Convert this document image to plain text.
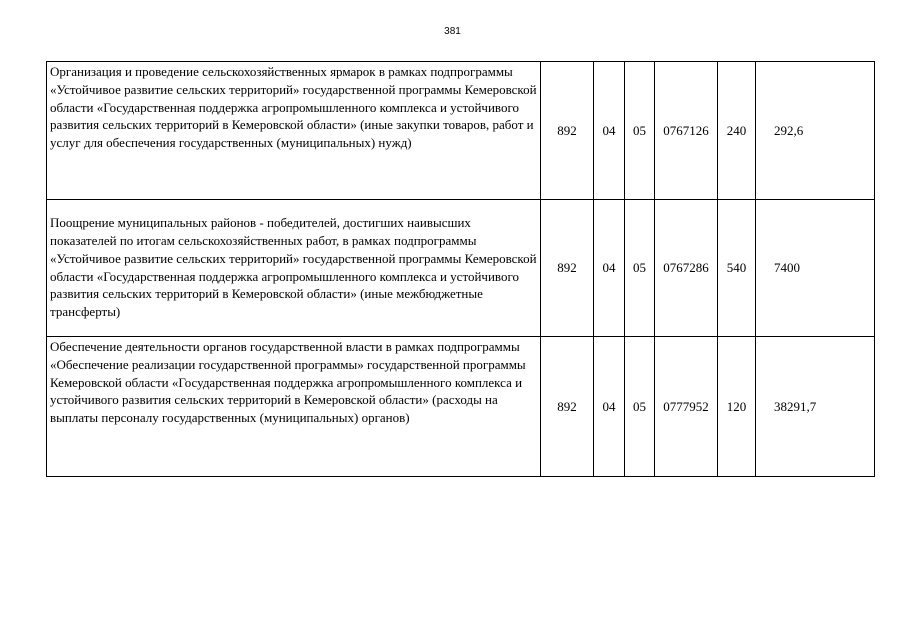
381
Организация и проведение сельскохозяйственных ярмарок в рамках подпрограммы «Устойчивое развитие сельских территорий» государственной программы Кемеровской области «Государственная поддержка агропромышленного комплекса и устойчивого развития сельских территорий в Кемеровской области» (иные закупки товаров, работ и услуг для обеспечения государственных (муниципальных) нужд)	892	04	05	0767126	240	292,6
Поощрение муниципальных районов - победителей, достигших наивысших показателей по итогам сельскохозяйственных работ, в рамках подпрограммы «Устойчивое развитие сельских территорий» государственной программы Кемеровской области «Государственная поддержка агропромышленного комплекса и устойчивого развития сельских территорий в Кемеровской области» (иные межбюджетные трансферты)	892	04	05	0767286	540	7400
Обеспечение деятельности органов государственной власти в рамках подпрограммы «Обеспечение реализации государственной программы» государственной программы Кемеровской области «Государственная поддержка агропромышленного комплекса и устойчивого развития сельских территорий в Кемеровской области» (расходы на выплаты персоналу государственных (муниципальных) органов)	892	04	05	0777952	120	38291,7
